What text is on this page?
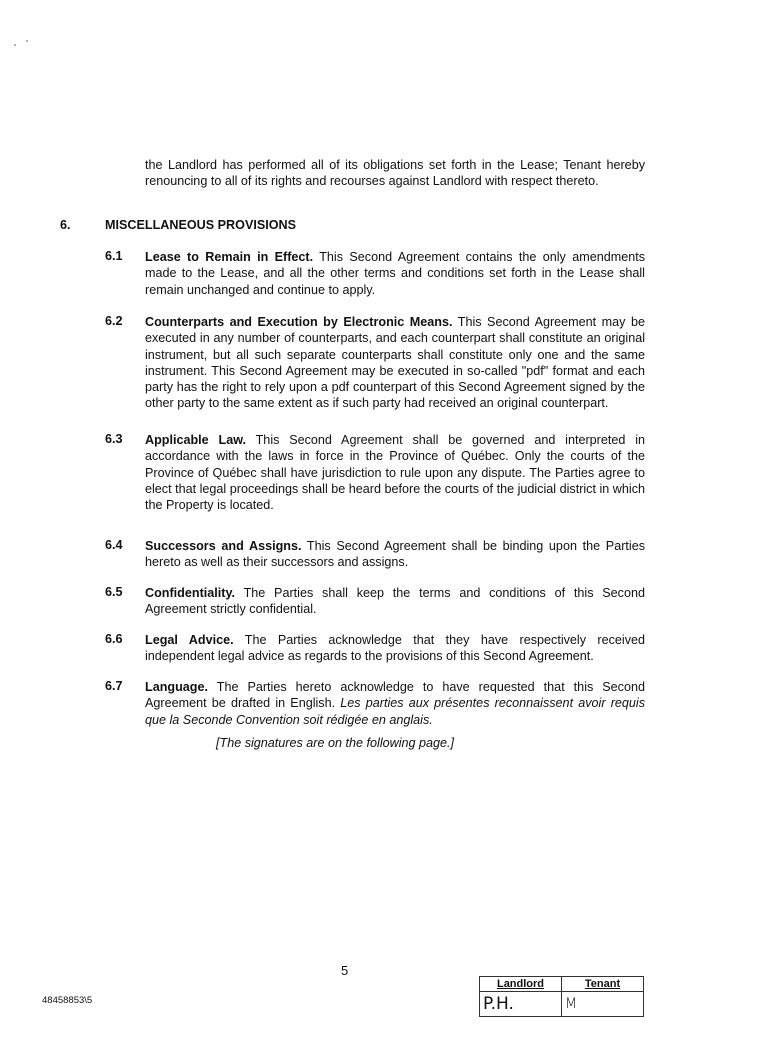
the Landlord has performed all of its obligations set forth in the Lease; Tenant hereby renouncing to all of its rights and recourses against Landlord with respect thereto.
6.	MISCELLANEOUS PROVISIONS
6.1 Lease to Remain in Effect. This Second Agreement contains the only amendments made to the Lease, and all the other terms and conditions set forth in the Lease shall remain unchanged and continue to apply.
6.2 Counterparts and Execution by Electronic Means. This Second Agreement may be executed in any number of counterparts, and each counterpart shall constitute an original instrument, but all such separate counterparts shall constitute only one and the same instrument. This Second Agreement may be executed in so-called "pdf" format and each party has the right to rely upon a pdf counterpart of this Second Agreement signed by the other party to the same extent as if such party had received an original counterpart.
6.3 Applicable Law. This Second Agreement shall be governed and interpreted in accordance with the laws in force in the Province of Québec. Only the courts of the Province of Québec shall have jurisdiction to rule upon any dispute. The Parties agree to elect that legal proceedings shall be heard before the courts of the judicial district in which the Property is located.
6.4 Successors and Assigns. This Second Agreement shall be binding upon the Parties hereto as well as their successors and assigns.
6.5 Confidentiality. The Parties shall keep the terms and conditions of this Second Agreement strictly confidential.
6.6 Legal Advice. The Parties acknowledge that they have respectively received independent legal advice as regards to the provisions of this Second Agreement.
6.7 Language. The Parties hereto acknowledge to have requested that this Second Agreement be drafted in English. Les parties aux présentes reconnaissent avoir requis que la Seconde Convention soit rédigée en anglais.
[The signatures are on the following page.]
5
48458853\5
Landlord	Tenant
P.H.	M
